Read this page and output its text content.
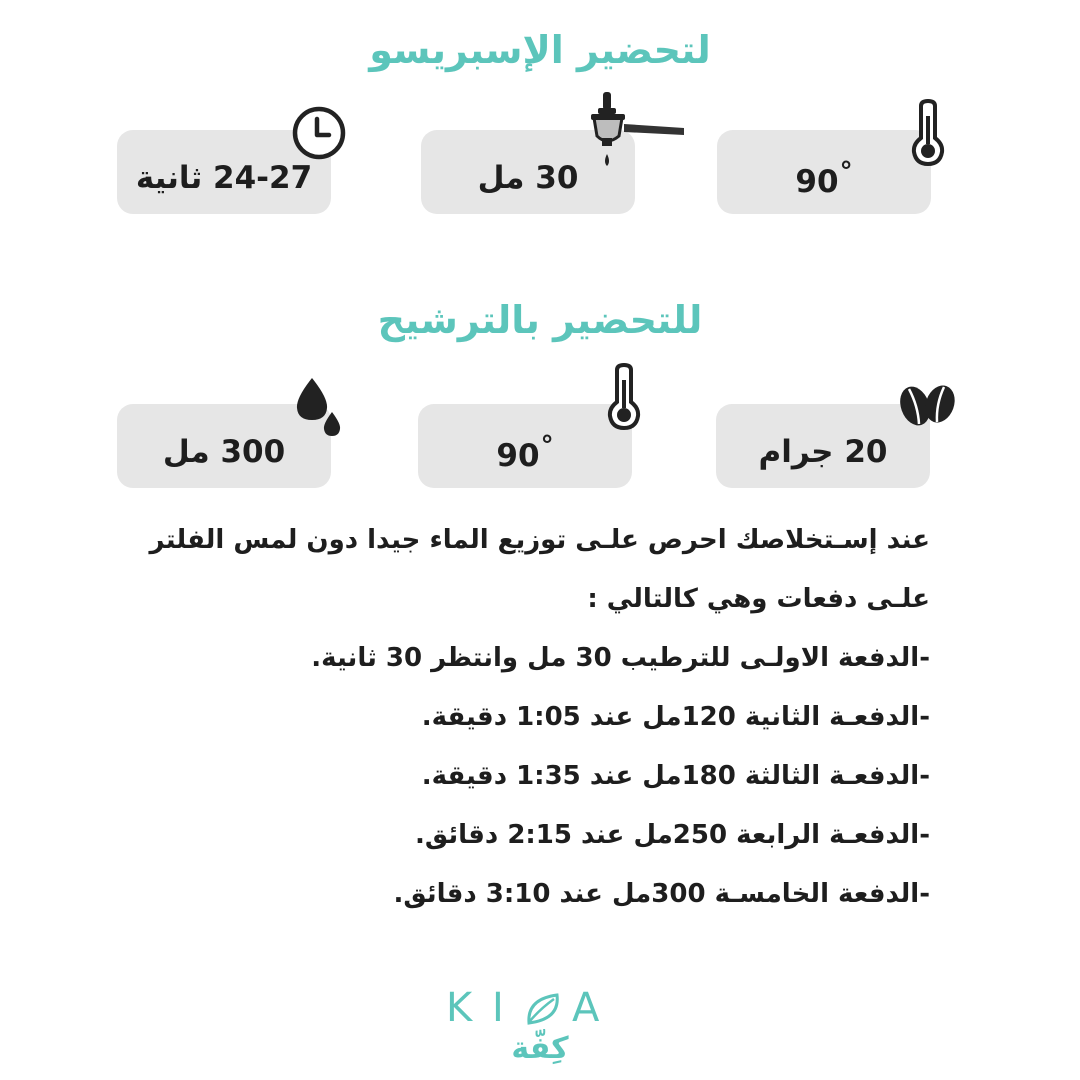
لتحضير الإسبريسو
24-27 ثانية	30 مل	90°
للتحضير بالترشيح
300 مل	90°	20 جرام
عند إسـتخلاصك احرص علـى توزيع الماء جيدا دون لمس الفلتر
علـى دفعات وهي كالتالي :
-الدفعة الاولـى للترطيب 30 مل وانتظر 30 ثانية.
-الدفعـة الثانية 120مل عند 1:05 دقيقة.
-الدفعـة الثالثة 180مل عند 1:35 دقيقة.
-الدفعـة الرابعة 250مل عند 2:15 دقائق.
-الدفعة الخامسـة 300مل عند 3:10 دقائق.
K I A
كِفّة
